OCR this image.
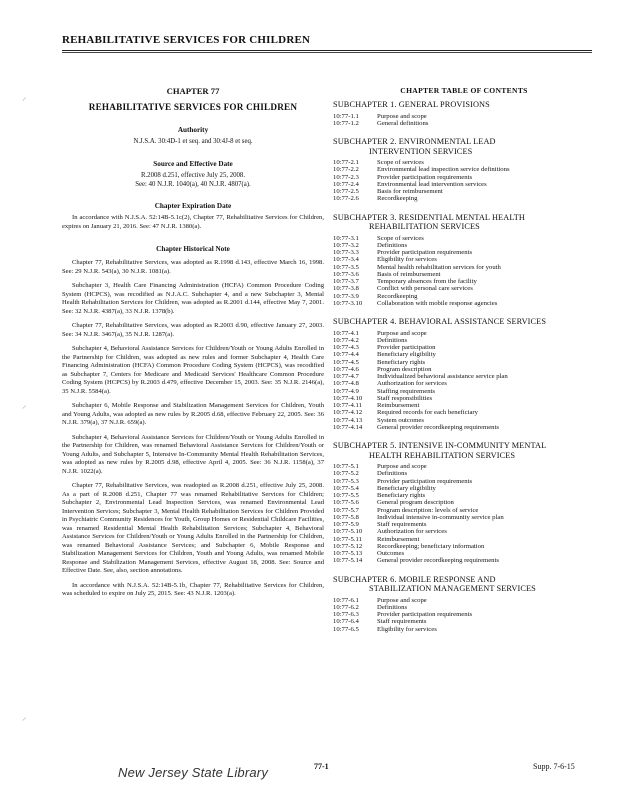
REHABILITATIVE SERVICES FOR CHILDREN
⸝
⸝
⸝
CHAPTER 77
REHABILITATIVE SERVICES FOR CHILDREN
Authority
N.J.S.A. 30:4D-1 et seq. and 30:4J-8 et seq.
Source and Effective Date
R.2008 d.251, effective July 25, 2008.
See: 40 N.J.R. 1040(a), 40 N.J.R. 4807(a).
Chapter Expiration Date
In accordance with N.J.S.A. 52:14B-5.1c(2), Chapter 77, Rehabilitative Services for Children, expires on January 21, 2016. See: 47 N.J.R. 1380(a).
Chapter Historical Note
Chapter 77, Rehabilitative Services, was adopted as R.1998 d.143, effective March 16, 1998. See: 29 N.J.R. 543(a), 30 N.J.R. 1081(a).
Subchapter 3, Health Care Financing Administration (HCFA) Common Procedure Coding System (HCPCS), was recodified as N.J.A.C. Subchapter 4, and a new Subchapter 3, Mental Health Rehabilitation Services for Children, was adopted as R.2001 d.144, effective May 7, 2001. See: 32 N.J.R. 4387(a), 33 N.J.R. 1378(b).
Chapter 77, Rehabilitative Services, was adopted as R.2003 d.90, effective January 27, 2003. See: 34 N.J.R. 3467(a), 35 N.J.R. 1287(a).
Subchapter 4, Behavioral Assistance Services for Children/Youth or Young Adults Enrolled in the Partnership for Children, was adopted as new rules and former Subchapter 4, Health Care Financing Administration (HCFA) Common Procedure Coding System (HCPCS), was recodified as Subchapter 7, Centers for Medicare and Medicaid Services' Healthcare Common Procedure Coding System (HCPCS) by R.2003 d.479, effective December 15, 2003. See: 35 N.J.R. 2146(a), 35 N.J.R. 5584(a).
Subchapter 6, Mobile Response and Stabilization Management Services for Children, Youth and Young Adults, was adopted as new rules by R.2005 d.68, effective February 22, 2005. See: 36 N.J.R. 379(a), 37 N.J.R. 659(a).
Subchapter 4, Behavioral Assistance Services for Children/Youth or Young Adults Enrolled in the Partnership for Children, was renamed Behavioral Assistance Services for Children/Youth or Young Adults, and Subchapter 5, Intensive In-Community Mental Health Rehabilitation Services, was adopted as new rules by R.2005 d.98, effective April 4, 2005. See: 36 N.J.R. 1158(a), 37 N.J.R. 1022(a).
Chapter 77, Rehabilitative Services, was readopted as R.2008 d.251, effective July 25, 2008. As a part of R.2008 d.251, Chapter 77 was renamed Rehabilitative Services for Children; Subchapter 2, Environmental Lead Inspection Services, was renamed Environmental Lead Intervention Services; Subchapter 3, Mental Health Rehabilitation Services for Children Provided in Psychiatric Community Residences for Youth, Group Homes or Residential Childcare Facilities, was renamed Residential Mental Health Rehabilitation Services; Subchapter 4, Behavioral Assistance Services for Children/Youth or Young Adults Enrolled in the Partnership for Children, was renamed Behavioral Assistance Services; and Subchapter 6, Mobile Response and Stabilization Management Services for Children, Youth and Young Adults, was renamed Mobile Response and Stabilization Management Services, effective August 18, 2008. See: Source and Effective Date. See, also, section annotations.
In accordance with N.J.S.A. 52:14B-5.1b, Chapter 77, Rehabilitative Services for Children, was scheduled to expire on July 25, 2015. See: 43 N.J.R. 1203(a).
CHAPTER TABLE OF CONTENTS
SUBCHAPTER 1. GENERAL PROVISIONS
10:77-1.1	Purpose and scope
10:77-1.2	General definitions
SUBCHAPTER 2. ENVIRONMENTAL LEAD
INTERVENTION SERVICES
10:77-2.1	Scope of services
10:77-2.2	Environmental lead inspection service definitions
10:77-2.3	Provider participation requirements
10:77-2.4	Environmental lead intervention services
10:77-2.5	Basis for reimbursement
10:77-2.6	Recordkeeping
SUBCHAPTER 3. RESIDENTIAL MENTAL HEALTH
REHABILITATION SERVICES
10:77-3.1	Scope of services
10:77-3.2	Definitions
10:77-3.3	Provider participation requirements
10:77-3.4	Eligibility for services
10:77-3.5	Mental health rehabilitation services for youth
10:77-3.6	Basis of reimbursement
10:77-3.7	Temporary absences from the facility
10:77-3.8	Conflict with personal care services
10:77-3.9	Recordkeeping
10:77-3.10	Collaboration with mobile response agencies
SUBCHAPTER 4. BEHAVIORAL ASSISTANCE SERVICES
10:77-4.1	Purpose and scope
10:77-4.2	Definitions
10:77-4.3	Provider participation
10:77-4.4	Beneficiary eligibility
10:77-4.5	Beneficiary rights
10:77-4.6	Program description
10:77-4.7	Individualized behavioral assistance service plan
10:77-4.8	Authorization for services
10:77-4.9	Staffing requirements
10:77-4.10	Staff responsibilities
10:77-4.11	Reimbursement
10:77-4.12	Required records for each beneficiary
10:77-4.13	System outcomes
10:77-4.14	General provider recordkeeping requirements
SUBCHAPTER 5. INTENSIVE IN-COMMUNITY MENTAL
HEALTH REHABILITATION SERVICES
10:77-5.1	Purpose and scope
10:77-5.2	Definitions
10:77-5.3	Provider participation requirements
10:77-5.4	Beneficiary eligibility
10:77-5.5	Beneficiary rights
10:77-5.6	General program description
10:77-5.7	Program description: levels of service
10:77-5.8	Individual intensive in-community service plan
10:77-5.9	Staff requirements
10:77-5.10	Authorization for services
10:77-5.11	Reimbursement
10:77-5.12	Recordkeeping; beneficiary information
10:77-5.13	Outcomes
10:77-5.14	General provider recordkeeping requirements
SUBCHAPTER 6. MOBILE RESPONSE AND
STABILIZATION MANAGEMENT SERVICES
10:77-6.1	Purpose and scope
10:77-6.2	Definitions
10:77-6.3	Provider participation requirements
10:77-6.4	Staff requirements
10:77-6.5	Eligibility for services
New Jersey State Library	77-1	Supp. 7-6-15
